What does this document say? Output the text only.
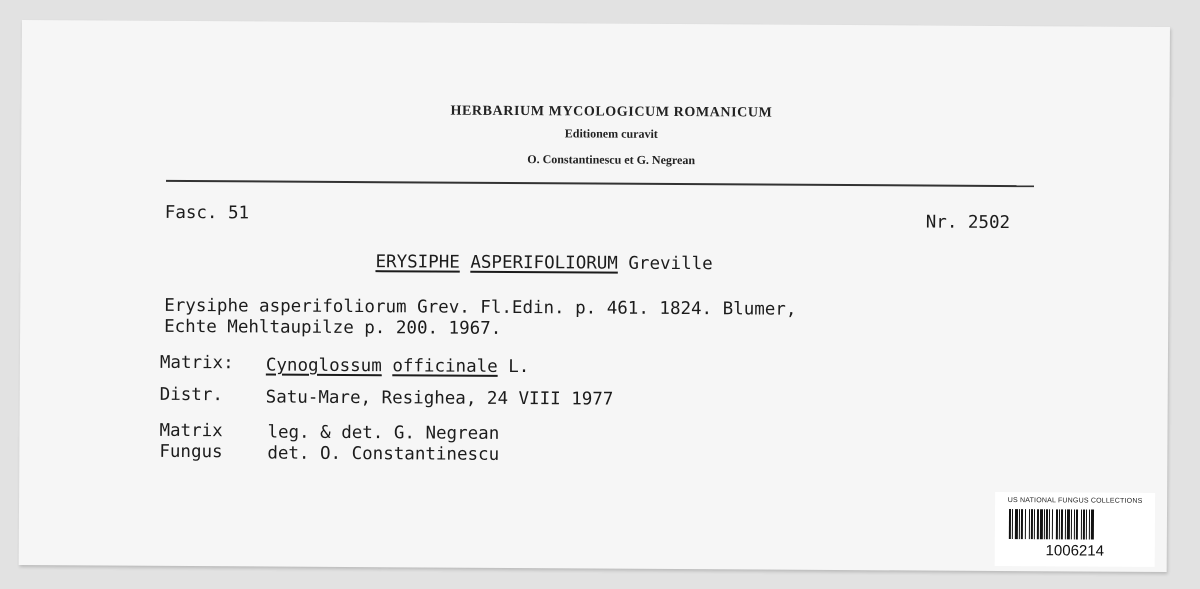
HERBARIUM MYCOLOGICUM ROMANICUM
Editionem curavit
O. Constantinescu et G. Negrean
Fasc. 51	Nr. 2502
ERYSIPHE ASPERIFOLIORUM Greville
Erysiphe asperifoliorum Grev. Fl.Edin. p. 461. 1824. Blumer,
Echte Mehltaupilze p. 200. 1967.
Matrix: Cynoglossum officinale L.
Distr. Satu-Mare, Resighea, 24 VIII 1977
Matrix	leg. & det. G. Negrean
Fungus	det. O. Constantinescu
US NATIONAL FUNGUS COLLECTIONS
1006214
